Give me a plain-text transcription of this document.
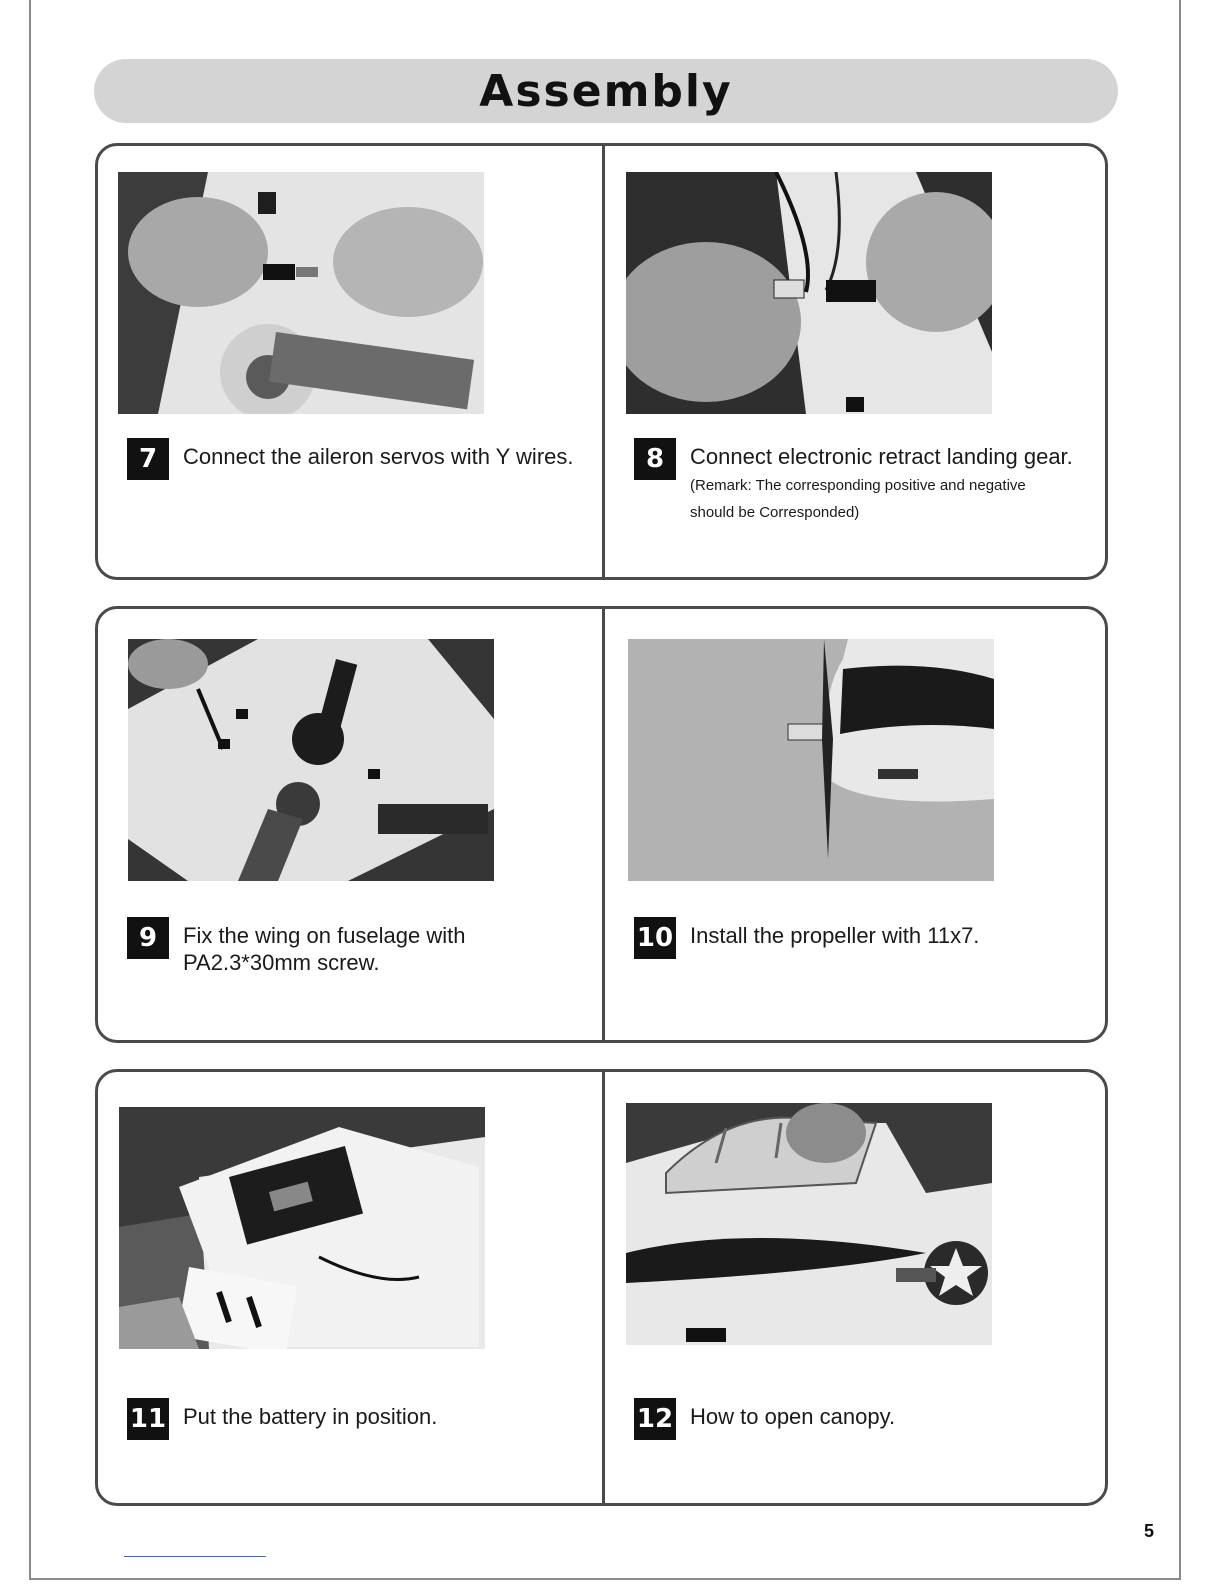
Assembly
7	Connect the aileron servos with Y wires.	8	Connect electronic retract landing gear.
(Remark: The corresponding positive and negative
should be Corresponded)
9	Fix the wing on fuselage with
PA2.3*30mm screw.
10 Install the propeller with 11x7.
11 Put the battery in position.	12 How to open canopy.
5
